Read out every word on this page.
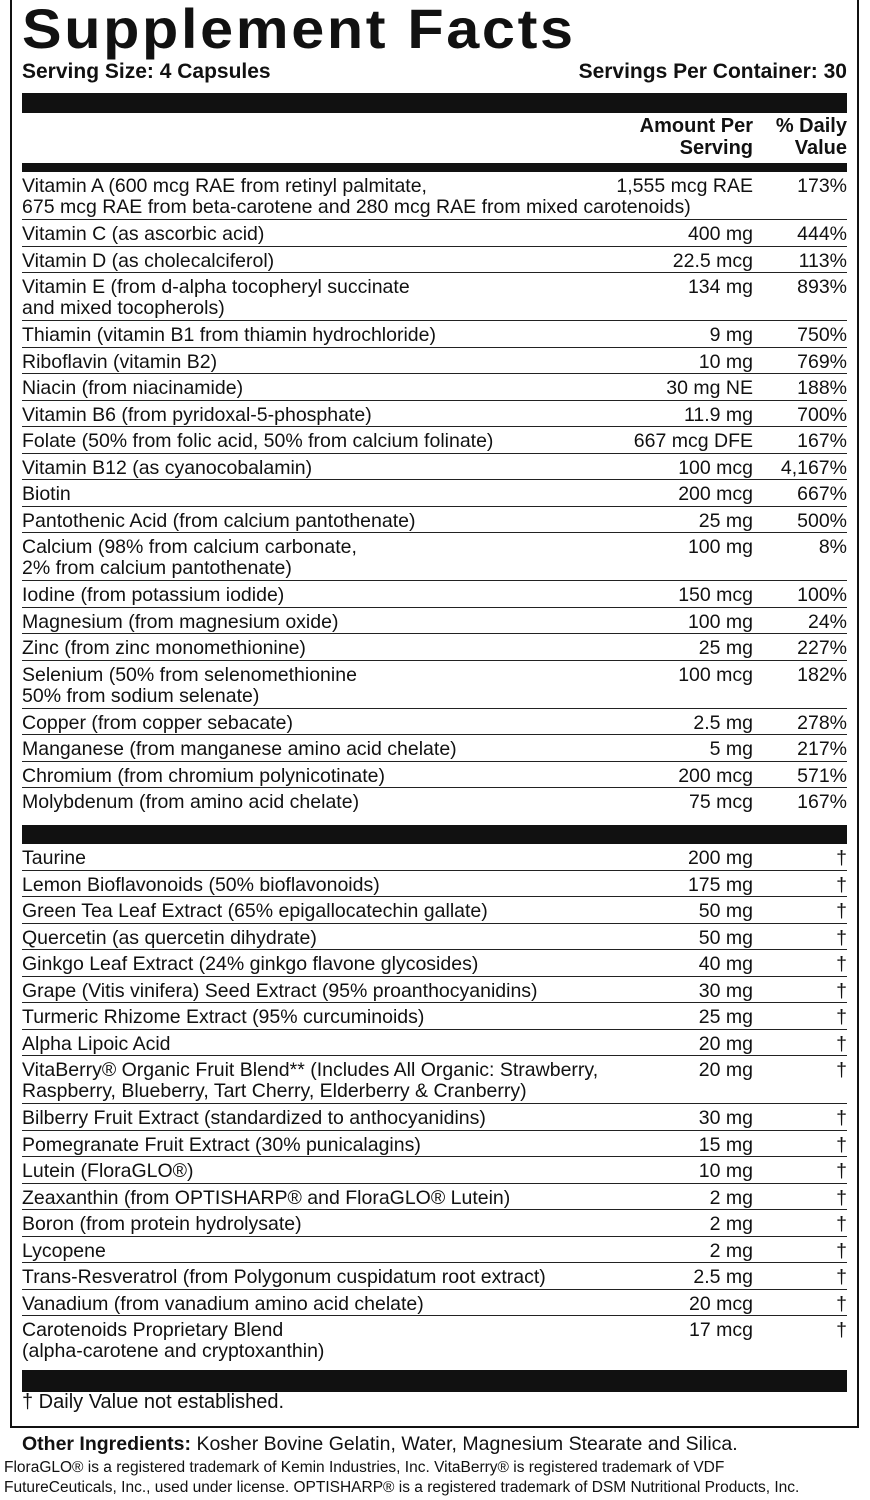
Supplement Facts
Serving Size: 4 Capsules	Servings Per Container: 30
Amount Per
Serving
% Daily
Value
Vitamin A (600 mcg RAE from retinyl palmitate,
675 mcg RAE from beta-carotene and 280 mcg RAE from mixed carotenoids)
1,555 mcg RAE 173%
Vitamin C (as ascorbic acid)	400 mg 444%
Vitamin D (as cholecalciferol)	22.5 mcg 113%
Vitamin E (from d-alpha tocopheryl succinate
and mixed tocopherols)
134 mg 893%
Thiamin (vitamin B1 from thiamin hydrochloride)	9 mg 750%
Riboflavin (vitamin B2)	10 mg 769%
Niacin (from niacinamide)	30 mg NE 188%
Vitamin B6 (from pyridoxal-5-phosphate)	11.9 mg 700%
Folate (50% from folic acid, 50% from calcium folinate)	667 mcg DFE 167%
Vitamin B12 (as cyanocobalamin)	100 mcg 4,167%
Biotin	200 mcg 667%
Pantothenic Acid (from calcium pantothenate)	25 mg 500%
Calcium (98% from calcium carbonate,
2% from calcium pantothenate)
100 mg	8%
Iodine (from potassium iodide)	150 mcg 100%
Magnesium (from magnesium oxide)	100 mg	24%
Zinc (from zinc monomethionine)	25 mg 227%
Selenium (50% from selenomethionine
50% from sodium selenate)
100 mcg 182%
Copper (from copper sebacate)	2.5 mg 278%
Manganese (from manganese amino acid chelate)	5 mg 217%
Chromium (from chromium polynicotinate)	200 mcg 571%
Molybdenum (from amino acid chelate)	75 mcg 167%
Taurine	200 mg	†
Lemon Bioflavonoids (50% bioflavonoids)	175 mg	†
Green Tea Leaf Extract (65% epigallocatechin gallate)	50 mg	†
Quercetin (as quercetin dihydrate)	50 mg	†
Ginkgo Leaf Extract (24% ginkgo flavone glycosides)	40 mg	†
Grape (Vitis vinifera) Seed Extract (95% proanthocyanidins)	30 mg	†
Turmeric Rhizome Extract (95% curcuminoids)	25 mg	†
Alpha Lipoic Acid	20 mg	†
VitaBerry® Organic Fruit Blend** (Includes All Organic: Strawberry,
Raspberry, Blueberry, Tart Cherry, Elderberry & Cranberry)
20 mg	†
Bilberry Fruit Extract (standardized to anthocyanidins)	30 mg	†
Pomegranate Fruit Extract (30% punicalagins)	15 mg	†
Lutein (FloraGLO®)	10 mg	†
Zeaxanthin (from OPTISHARP® and FloraGLO® Lutein)	2 mg	†
Boron (from protein hydrolysate)	2 mg	†
Lycopene	2 mg	†
Trans-Resveratrol (from Polygonum cuspidatum root extract)	2.5 mg	†
Vanadium (from vanadium amino acid chelate)	20 mcg	†
Carotenoids Proprietary Blend
(alpha-carotene and cryptoxanthin)
17 mcg	†
† Daily Value not established.
Other Ingredients: Kosher Bovine Gelatin, Water, Magnesium Stearate and Silica.
FloraGLO® is a registered trademark of Kemin Industries, Inc. VitaBerry® is registered trademark of VDF
FutureCeuticals, Inc., used under license. OPTISHARP® is a registered trademark of DSM Nutritional Products, Inc.
